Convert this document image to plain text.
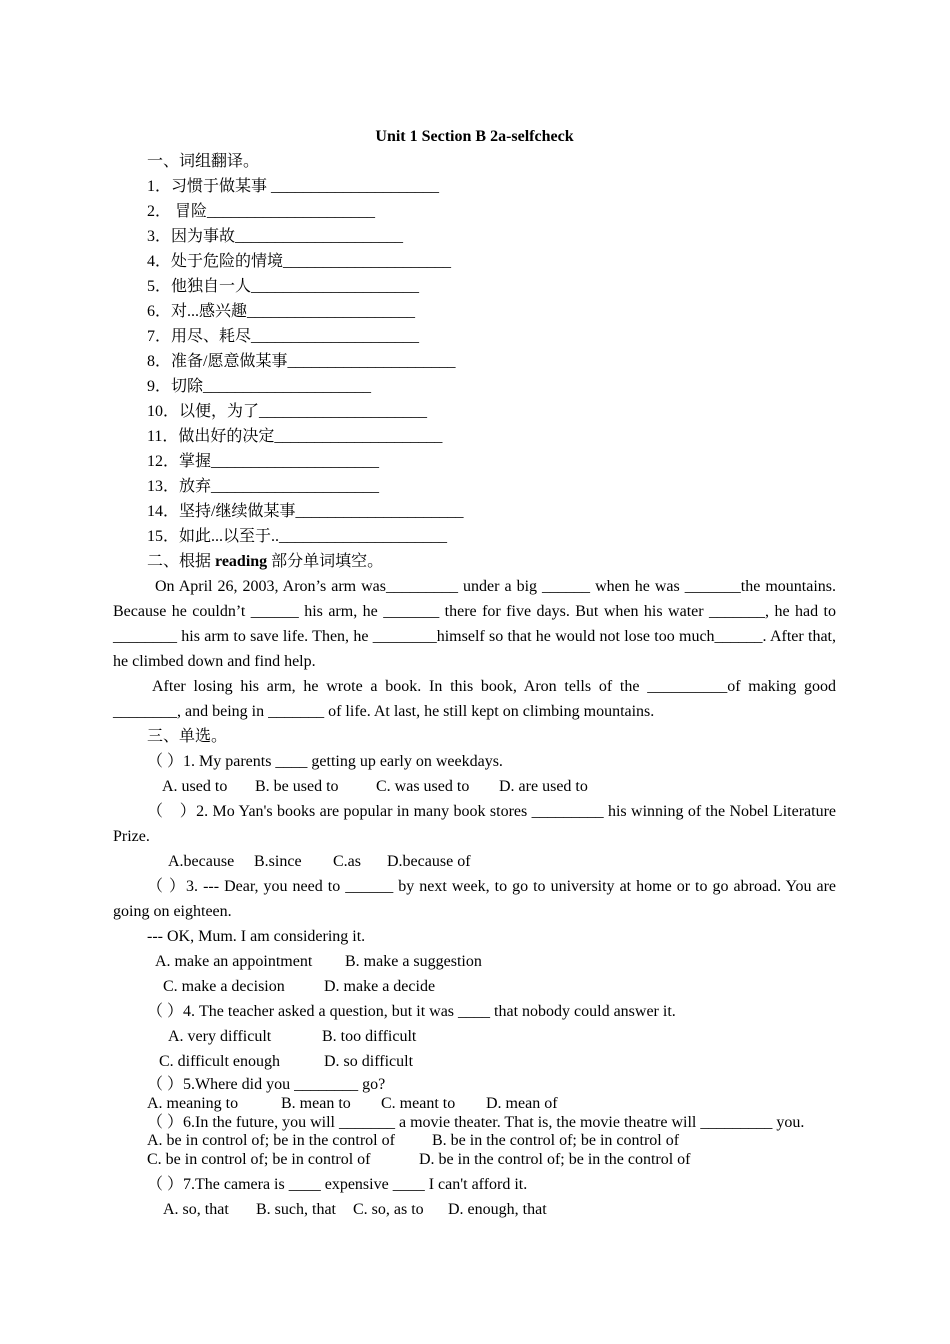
Unit 1 Section B 2a-selfcheck
一、词组翻译。
1．习惯于做某事 _____________________
2． 冒险_____________________
3．因为事故_____________________
4．处于危险的情境_____________________
5．他独自一人_____________________
6．对...感兴趣_____________________
7．用尽、耗尽_____________________
8．准备/愿意做某事_____________________
9．切除_____________________
10．以便，为了_____________________
11．做出好的决定_____________________
12．掌握_____________________
13．放弃_____________________
14．坚持/继续做某事_____________________
15．如此...以至于.._____________________
二、根据 reading 部分单词填空。
On April 26, 2003, Aron’s arm was_________ under a big ______ when he was _______the mountains. Because he couldn’t ______ his arm, he _______ there for five days. But when his water _______, he had to ________ his arm to save life. Then, he ________himself so that he would not lose too much______. After that, he climbed down and find help.
After losing his arm, he wrote a book. In this book, Aron tells of the __________of making good ________, and being in _______ of life. At last, he still kept on climbing mountains.
三、单选。
（ ）1. My parents ____ getting up early on weekdays.
A. used to B. be used to C. was used to D. are used to
（　）2. Mo Yan's books are popular in many book stores _________ his winning of the Nobel Literature Prize.
A.because B.since C.as D.because of
（ ）3. --- Dear, you need to ______ by next week, to go to university at home or to go abroad. You are going on eighteen.
--- OK, Mum. I am considering it.
A. make an appointment B. make a suggestion
C. make a decision D. make a decide
（ ）4. The teacher asked a question, but it was ____ that nobody could answer it.
A. very difficult	B. too difficult
C. difficult enough	D. so difficult
（ ）5.Where did you ________ go?
A. meaning to	B. mean to C. meant to D. mean of
（ ）6.In the future, you will _______ a movie theater. That is, the movie theatre will _________ you.
A. be in control of; be in the control of B. be in the control of; be in control of
C. be in control of; be in control of	D. be in the control of; be in the control of
（ ）7.The camera is ____ expensive ____ I can't afford it.
A. so, that B. such, that C. so, as to D. enough, that
